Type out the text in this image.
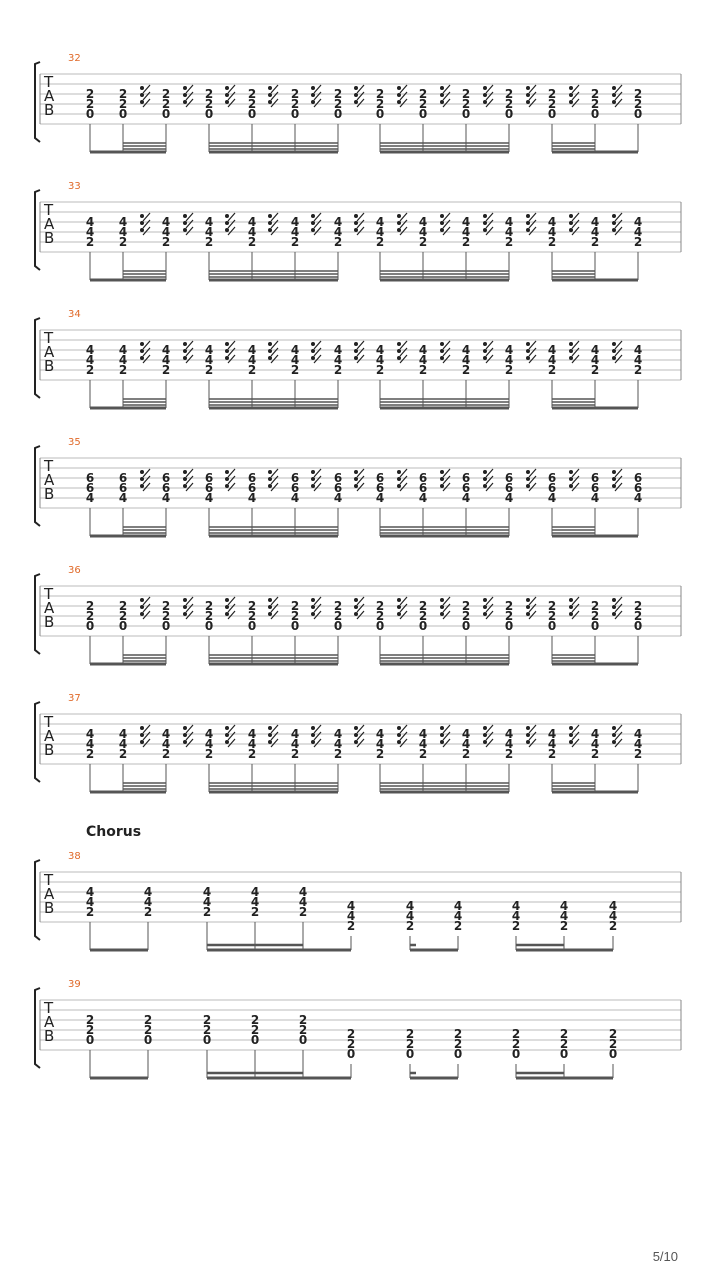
32
T
A
B
2
2
0
2
2
0
2
2
0
2
2
0
2
2
0
2
2
0
2
2
0
2
2
0
2
2
0
2
2
0
2
2
0
2
2
0
2
2
0
2
2
0
33
T
A
B
4
4
2
4
4
2
4
4
2
4
4
2
4
4
2
4
4
2
4
4
2
4
4
2
4
4
2
4
4
2
4
4
2
4
4
2
4
4
2
4
4
2
34
T
A
B
4
4
2
4
4
2
4
4
2
4
4
2
4
4
2
4
4
2
4
4
2
4
4
2
4
4
2
4
4
2
4
4
2
4
4
2
4
4
2
4
4
2
35
T
A
B
6
6
4
6
6
4
6
6
4
6
6
4
6
6
4
6
6
4
6
6
4
6
6
4
6
6
4
6
6
4
6
6
4
6
6
4
6
6
4
6
6
4
36
T
A
B
2
2
0
2
2
0
2
2
0
2
2
0
2
2
0
2
2
0
2
2
0
2
2
0
2
2
0
2
2
0
2
2
0
2
2
0
2
2
0
2
2
0
37
T
A
B
4
4
2
4
4
2
4
4
2
4
4
2
4
4
2
4
4
2
4
4
2
4
4
2
4
4
2
4
4
2
4
4
2
4
4
2
4
4
2
4
4
2
38
Chorus
T
A
B
4
4
2
4
4
2
4
4
2
4
4
2
4
4
2	4
4
2
4
4
2
4
4
2
4
4
2
4
4
2
4
4
2
39
T
A
B
2
2
0
2
2
0
2
2
0
2
2
0
2
2
0	2
2
0
2
2
0
2
2
0
2
2
0
2
2
0
2
2
0
5/10
